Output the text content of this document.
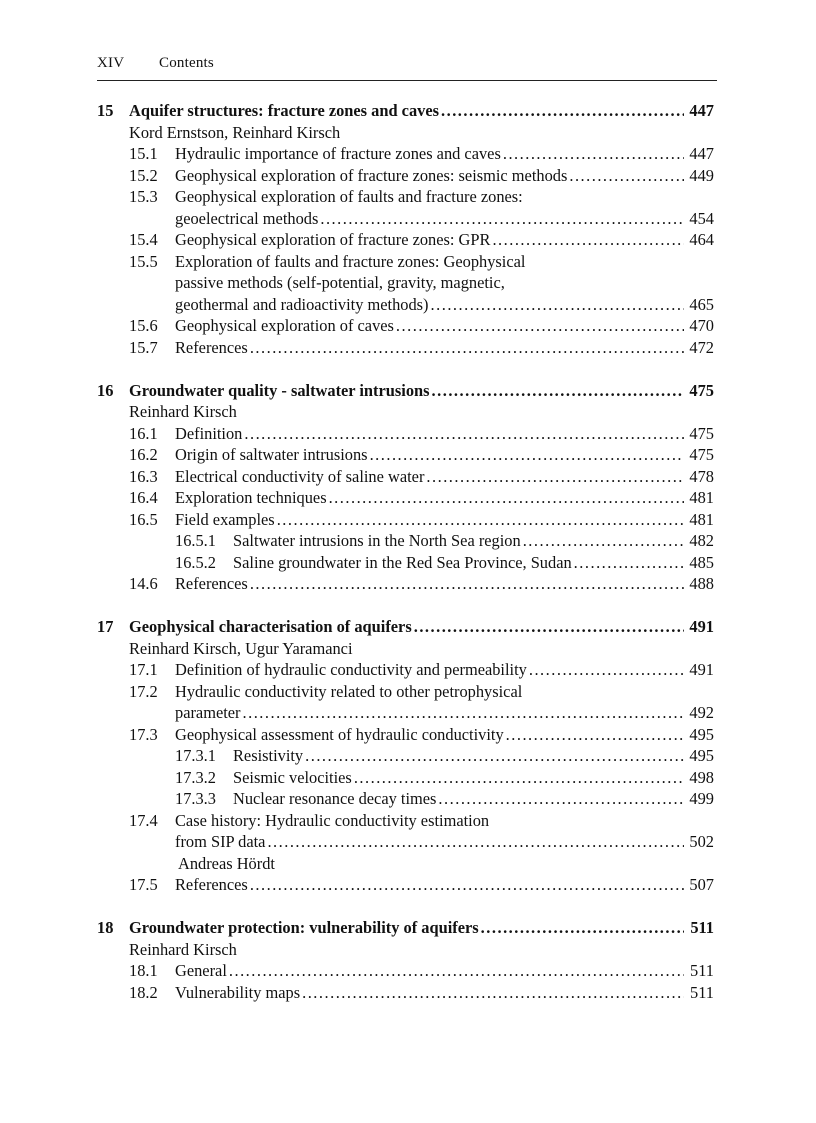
XIV Contents
15 Aquifer structures: fracture zones and caves .....	447
Kord Ernstson, Reinhard Kirsch
15.1	Hydraulic importance of fracture zones and caves .....	447
15.2	Geophysical exploration of fracture zones: seismic methods .....	449
15.3	Geophysical exploration of faults and fracture zones:
geoelectrical methods .....	454
15.4	Geophysical exploration of fracture zones: GPR .....	464
15.5	Exploration of faults and fracture zones: Geophysical
passive methods (self-potential, gravity, magnetic,
geothermal and radioactivity methods) .....	465
15.6	Geophysical exploration of caves .....	470
15.7	References .....	472
16 Groundwater quality - saltwater intrusions .....	475
Reinhard Kirsch
16.1	Definition .....	475
16.2	Origin of saltwater intrusions .....	475
16.3	Electrical conductivity of saline water .....	478
16.4	Exploration techniques .....	481
16.5	Field examples .....	481
16.5.1	Saltwater intrusions in the North Sea region .....	482
16.5.2	Saline groundwater in the Red Sea Province, Sudan .....	485
14.6	References .....	488
17 Geophysical characterisation of aquifers .....	491
Reinhard Kirsch, Ugur Yaramanci
17.1	Definition of hydraulic conductivity and permeability .....	491
17.2	Hydraulic conductivity related to other petrophysical
parameter .....	492
17.3	Geophysical assessment of hydraulic conductivity .....	495
17.3.1	Resistivity .....	495
17.3.2	Seismic velocities .....	498
17.3.3	Nuclear resonance decay times .....	499
17.4	Case history: Hydraulic conductivity estimation
from SIP data .....	502
Andreas Hördt
17.5	References .....	507
18 Groundwater protection: vulnerability of aquifers .....	511
Reinhard Kirsch
18.1	General .....	511
18.2	Vulnerability maps .....	511
